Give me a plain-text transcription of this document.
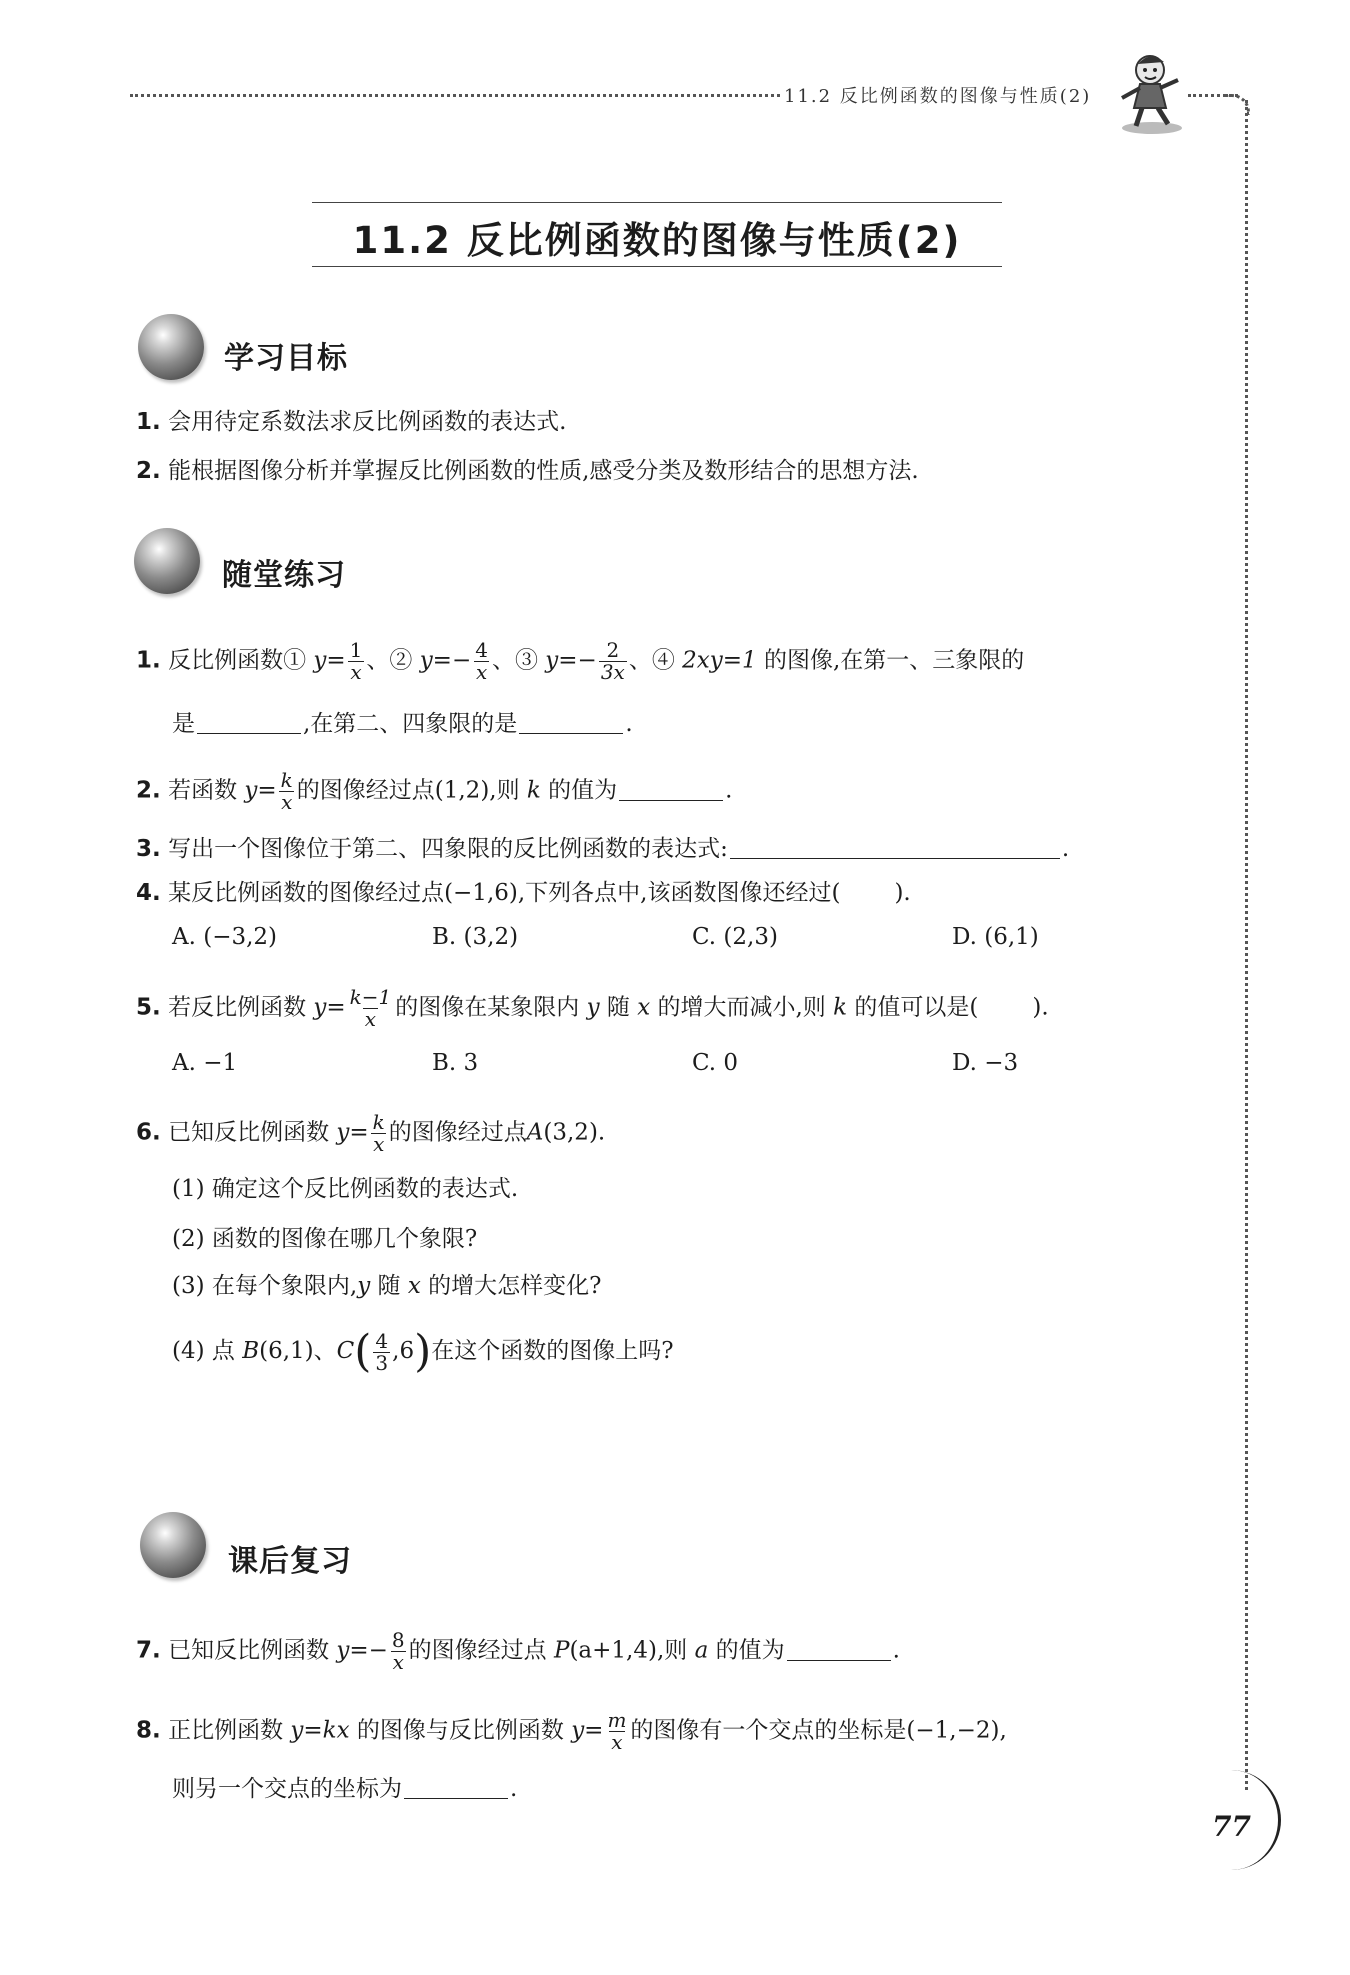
11.2 反比例函数的图像与性质(2)
11.2 反比例函数的图像与性质(2)
学习目标
1. 会用待定系数法求反比例函数的表达式.
2. 能根据图像分析并掌握反比例函数的性质,感受分类及数形结合的思想方法.
随堂练习
1. 反比例函数① $y= \frac{1}{x}$ 、② $y=- \frac{4}{x}$ 、③ $y=- \frac{2}{3x}$ 、④ 2xy=1 的图像,在第一、三象限的
是	,在第二、四象限的是	.
2. 若函数 $y= \frac{k}{x}$ 的图像经过点(1,2),则 k 的值为	.
3. 写出一个图像位于第二、四象限的反比例函数的表达式:	.
4. 某反比例函数的图像经过点(−1,6),下列各点中,该函数图像还经过( ).
A. (−3,2)	B. (3,2)	C. (2,3)	D. (6,1)
5. 若反比例函数 $y= \frac{k-1}{x}$ 的图像在某象限内 y 随 x 的增大而减小,则 k 的值可以是( ).
A. −1	B. 3	C. 0	D. −3
6. 已知反比例函数 $y= \frac{k}{x}$ 的图像经过点A(3,2).
(1) 确定这个反比例函数的表达式.
(2) 函数的图像在哪几个象限?
(3) 在每个象限内,y 随 x 的增大怎样变化?
(4) 点 B(6,1)、$C( \frac{4}{3} ,6)$在这个函数的图像上吗?
课后复习
7. 已知反比例函数 $y=- \frac{8}{x}$ 的图像经过点 P(a+1,4),则 a 的值为	.
8. 正比例函数 y=kx 的图像与反比例函数 $y= \frac{m}{x}$ 的图像有一个交点的坐标是(−1,−2),
则另一个交点的坐标为	.
77
